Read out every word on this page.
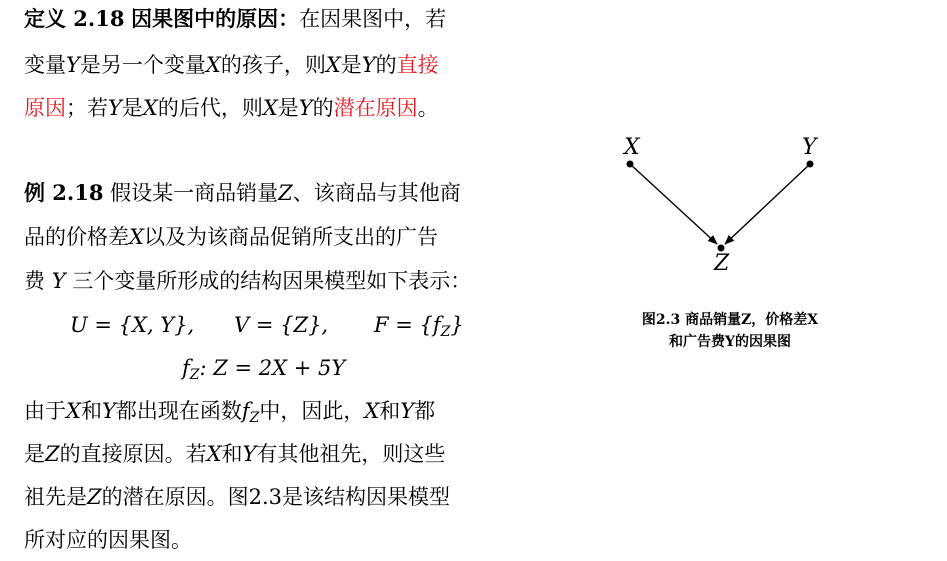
定义 2.18 因果图中的原因：在因果图中，若
变量Y是另一个变量X的孩子，则X是Y的直接
原因；若Y是X的后代，则X是Y的潜在原因。
例 2.18 假设某一商品销量Z、该商品与其他商
品的价格差X以及为该商品促销所支出的广告
费 Y 三个变量所形成的结构因果模型如下表示：
U = {X, Y}, V = {Z}, $F = \{f_Z\}$
$f_Z$: Z = 2X + 5Y
由于X和Y都出现在函数$f_Z$中，因此，X和Y都
是Z的直接原因。若X和Y有其他祖先，则这些
祖先是Z的潜在原因。图2.3是该结构因果模型
所对应的因果图。
X	Y
Z
图2.3 商品销量Z，价格差X
和广告费Y的因果图
